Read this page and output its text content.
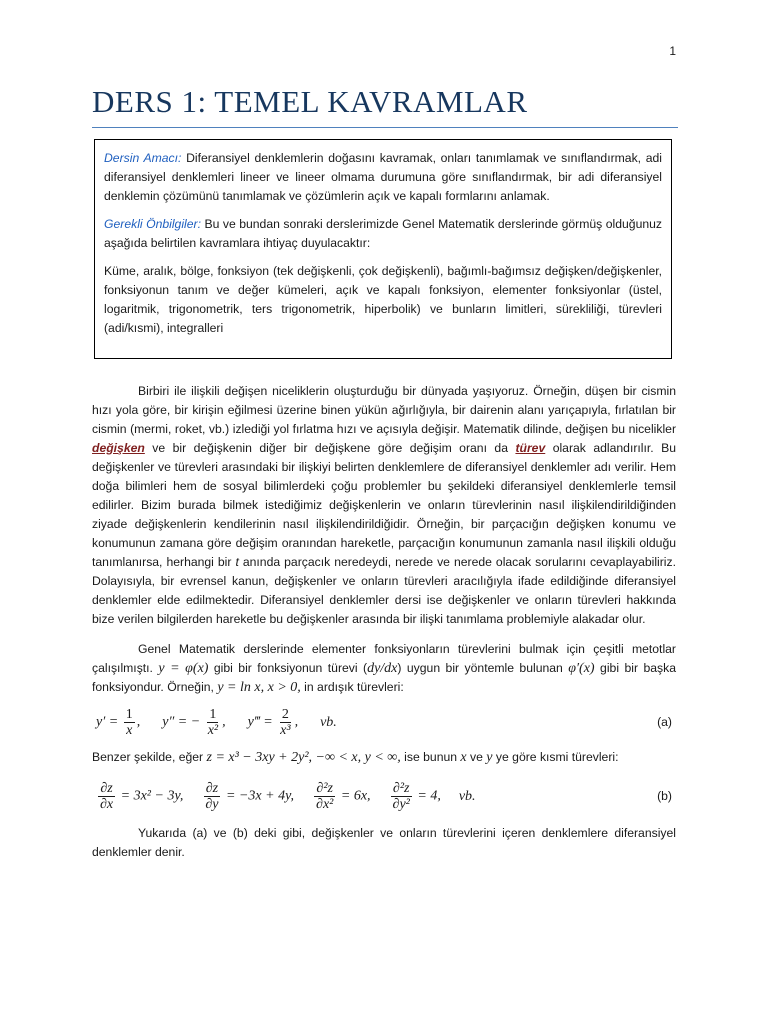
1
DERS 1: TEMEL KAVRAMLAR

Dersin Amacı: Diferansiyel denklemlerin doğasını kavramak, onları tanımlamak ve sınıflandırmak, adi diferansiyel denklemleri lineer ve lineer olmama durumuna göre sınıflandırmak, bir adi diferansiyel denklemin çözümünü tanımlamak ve çözümlerin açık ve kapalı formlarını anlamak.

Gerekli Önbilgiler: Bu ve bundan sonraki derslerimizde Genel Matematik derslerinde görmüş olduğunuz aşağıda belirtilen kavramlara ihtiyaç duyulacaktır:

Küme, aralık, bölge, fonksiyon (tek değişkenli, çok değişkenli), bağımlı-bağımsız değişken/değişkenler, fonksiyonun tanım ve değer kümeleri, açık ve kapalı fonksiyon, elementer fonksiyonlar (üstel, logaritmik, trigonometrik, ters trigonometrik, hiperbolik) ve bunların limitleri, sürekliliği, türevleri (adi/kısmi), integralleri

Birbiri ile ilişkili değişen niceliklerin oluşturduğu bir dünyada yaşıyoruz. Örneğin, düşen bir cismin hızı yola göre, bir kirişin eğilmesi üzerine binen yükün ağırlığıyla, bir dairenin alanı yarıçapıyla, fırlatılan bir cismin (mermi, roket, vb.) izlediği yol fırlatma hızı ve açısıyla değişir. Matematik dilinde, değişen bu nicelikler değişken ve bir değişkenin diğer bir değişkene göre değişim oranı da türev olarak adlandırılır. Bu değişkenler ve türevleri arasındaki bir ilişkiyi belirten denklemlere de diferansiyel denklemler adı verilir. Hem doğa bilimleri hem de sosyal bilimlerdeki çoğu problemler bu şekildeki diferansiyel denklemlerle temsil edilirler. Bizim burada bilmek istediğimiz değişkenlerin ve onların türevlerinin nasıl ilişkilendirildiğinden ziyade değişkenlerin kendilerinin nasıl ilişkilendirildiğidir. Örneğin, bir parçacığın değişken konumu ve konumunun zamana göre değişim oranından hareketle, parçacığın konumunun zamanla nasıl ilişkili olduğu tanımlanırsa, herhangi bir t anında parçacık neredeydi, nerede ve nerede olacak sorularını cevaplayabiliriz. Dolayısıyla, bir evrensel kanun, değişkenler ve onların türevleri aracılığıyla ifade edildiğinde diferansiyel denklemler elde edilmektedir. Diferansiyel denklemler dersi ise değişkenler ve onların türevleri hakkında bize verilen bilgilerden hareketle bu değişkenler arasında bir ilişki tanımlama problemiyle alakadar olur.

Genel Matematik derslerinde elementer fonksiyonların türevlerini bulmak için çeşitli metotlar çalışılmıştı. y = φ(x) gibi bir fonksiyonun türevi (dy/dx) uygun bir yöntemle bulunan φ′(x) gibi bir başka fonksiyondur. Örneğin, y = ln x, x > 0, in ardışık türevleri:

$y' = \frac{1}{x}$ , y″ = − $\frac{1}{\text{x²}}$ , y‴ = $\frac{2}{\text{x³}}$ , vb.	(a)

Benzer şekilde, eğer z = x³ − 3xy + 2y², −∞ < x, y < ∞, ise bunun x ve y ye göre kısmi türevleri:

$\frac{\partial z}{\partial x} = 3x^2 - 3y$, $\frac{\partial z}{\partial y} = -3x + 4y$, $\frac{\text{∂²z}}{\text{∂x²}} = 6x$, $\frac{\text{∂²z}}{\text{∂y²}} = 4$, vb.	(b)

Yukarıda (a) ve (b) deki gibi, değişkenler ve onların türevlerini içeren denklemlere diferansiyel denklemler denir.
